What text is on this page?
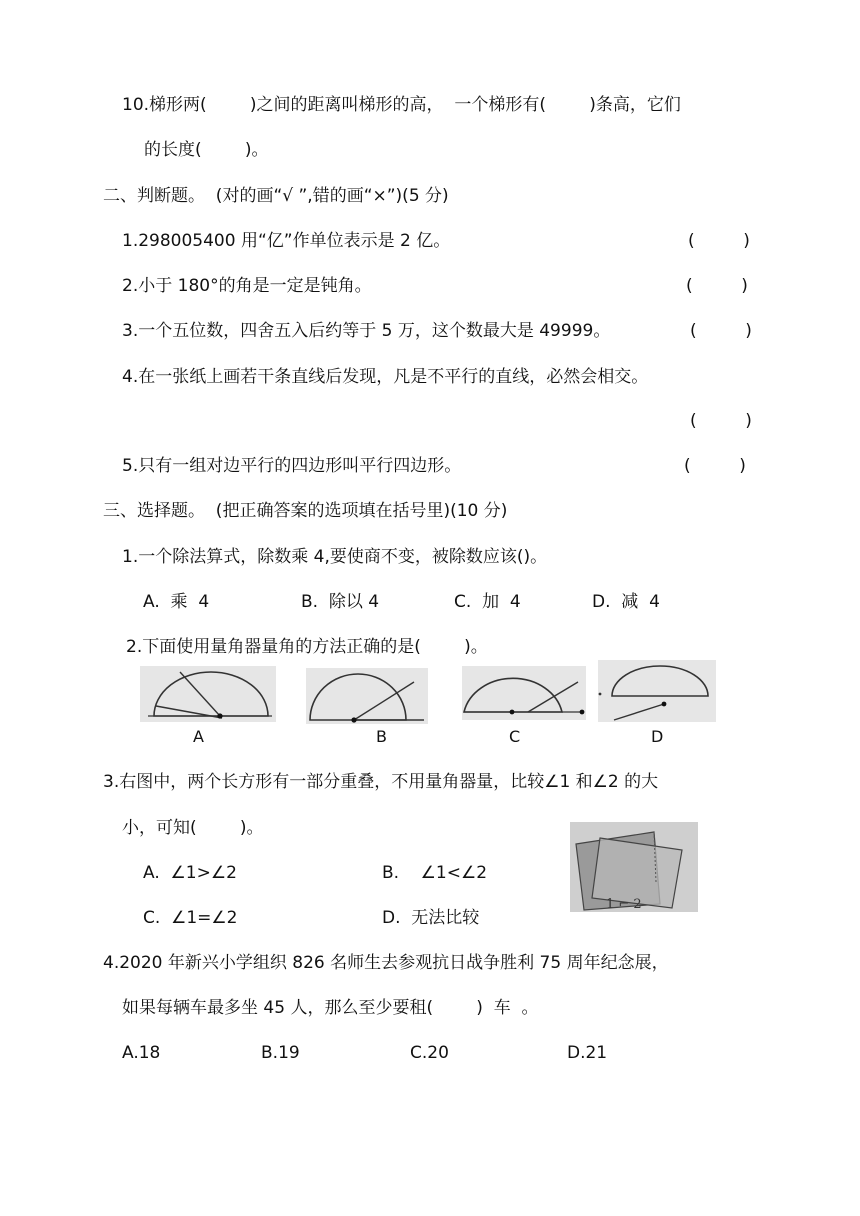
10.梯形两(        )之间的距离叫梯形的高，  一个梯形有(        )条高，它们
的长度(        )。
二、判断题。  (对的画“√ ”,错的画“×”)(5 分)
1.298005400 用“亿”作单位表示是 2 亿。	(         )
2.小于 180°的角是一定是钝角。	(         )
3.一个五位数，四舍五入后约等于 5 万，这个数最大是 49999。	(         )
4.在一张纸上画若干条直线后发现，凡是不平行的直线，必然会相交。
(         )
5.只有一组对边平行的四边形叫平行四边形。	(         )
三、选择题。  (把正确答案的选项填在括号里)(10 分)
1.一个除法算式，除数乘 4,要使商不变，被除数应该()。
A.  乘  4	B.  除以 4	C.  加  4	D.  减  4
2.下面使用量角器量角的方法正确的是(        )。
A	B	C	D
3.右图中，两个长方形有一部分重叠，不用量角器量，比较∠1 和∠2 的大
小，可知(        )。
A.  ∠1>∠2	B.    ∠1<∠2
C.  ∠1=∠2	D.  无法比较
1 ⌐ 2
4.2020 年新兴小学组织 826 名师生去参观抗日战争胜利 75 周年纪念展，
如果每辆车最多坐 45 人，那么至少要租(        )  车  。
A.18	B.19	C.20	D.21
